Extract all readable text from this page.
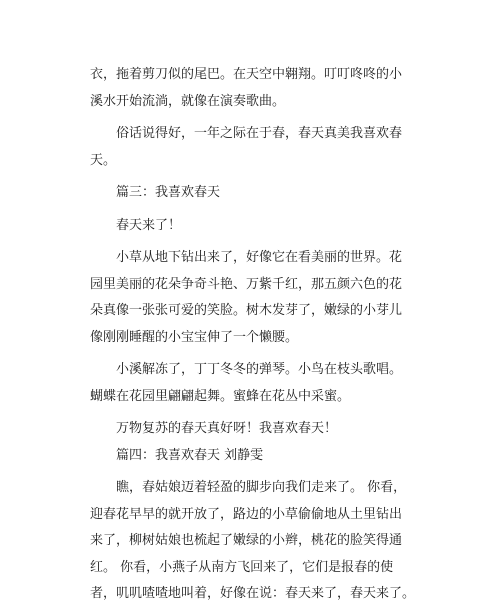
衣，拖着剪刀似的尾巴。在天空中翱翔。叮叮咚咚的小
溪水开始流淌，就像在演奏歌曲。
俗话说得好，一年之际在于春，春天真美我喜欢春
天。
篇三：我喜欢春天
春天来了！
小草从地下钻出来了，好像它在看美丽的世界。花
园里美丽的花朵争奇斗艳、万紫千红，那五颜六色的花
朵真像一张张可爱的笑脸。树木发芽了，嫩绿的小芽儿
像刚刚睡醒的小宝宝伸了一个懒腰。
小溪解冻了，丁丁冬冬的弹琴。小鸟在枝头歌唱。
蝴蝶在花园里翩翩起舞。蜜蜂在花丛中采蜜。
万物复苏的春天真好呀！我喜欢春天！
篇四：我喜欢春天 刘静雯
瞧，春姑娘迈着轻盈的脚步向我们走来了。 你看，
迎春花早早的就开放了，路边的小草偷偷地从土里钻出
来了，柳树姑娘也梳起了嫩绿的小辫，桃花的脸笑得通
红。 你看，小燕子从南方飞回来了，它们是报春的使
者，叽叽喳喳地叫着，好像在说：春天来了，春天来了。
